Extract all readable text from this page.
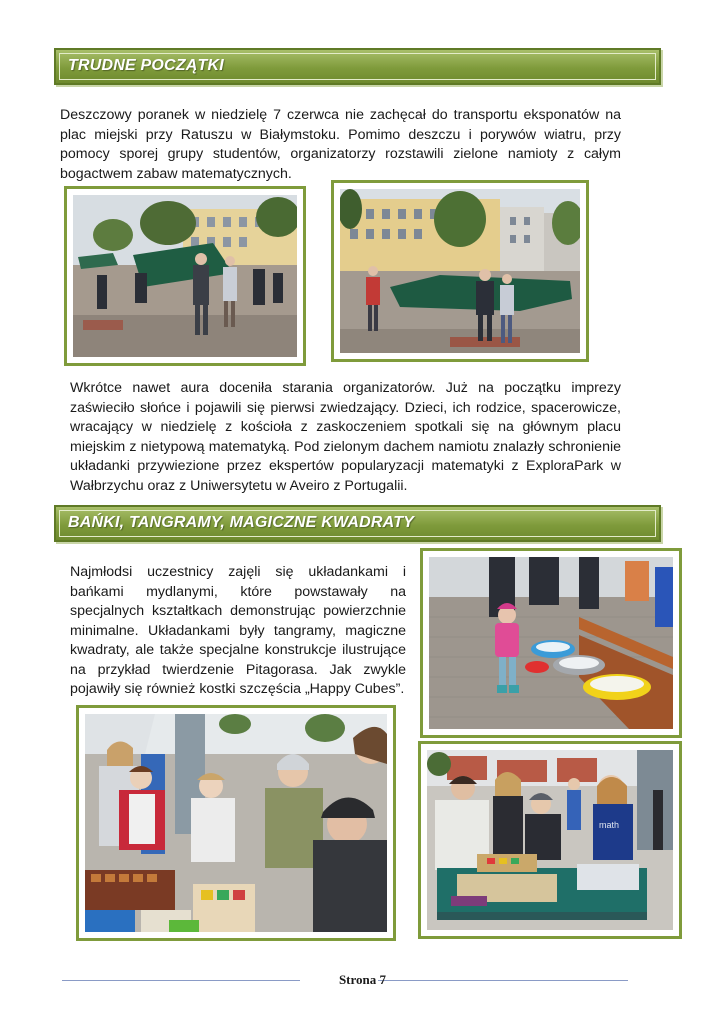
TRUDNE POCZĄTKI

Deszczowy poranek w niedzielę 7 czerwca nie zachęcał do transportu eksponatów na plac miejski przy Ratuszu w Białymstoku. Pomimo deszczu i porywów wiatru, przy pomocy sporej grupy studentów, organizatorzy rozstawili zielone namioty z całym bogactwem zabaw matematycznych.

Wkrótce nawet aura doceniła starania organizatorów. Już na początku imprezy zaświeciło słońce i pojawili się pierwsi zwiedzający. Dzieci, ich rodzice, spacerowicze, wracający w niedzielę z kościoła z zaskoczeniem spotkali się na głównym placu miejskim z nietypową matematyką. Pod zielonym dachem namiotu znalazły schronienie układanki przywiezione przez ekspertów popularyzacji matematyki z ExploraPark w Wałbrzychu oraz z Uniwersytetu w Aveiro z Portugalii.

BAŃKI, TANGRAMY, MAGICZNE KWADRATY

Najmłodsi uczestnicy zajęli się układankami i bańkami mydlanymi, które powstawały na specjalnych kształtkach demonstrując powierzchnie minimalne. Układankami były tangramy, magiczne kwadraty, ale także specjalne konstrukcje ilustrujące na przykład twierdzenie Pitagorasa. Jak zwykle pojawiły się również kostki szczęścia „Happy Cubes”.

math
Strona 7
